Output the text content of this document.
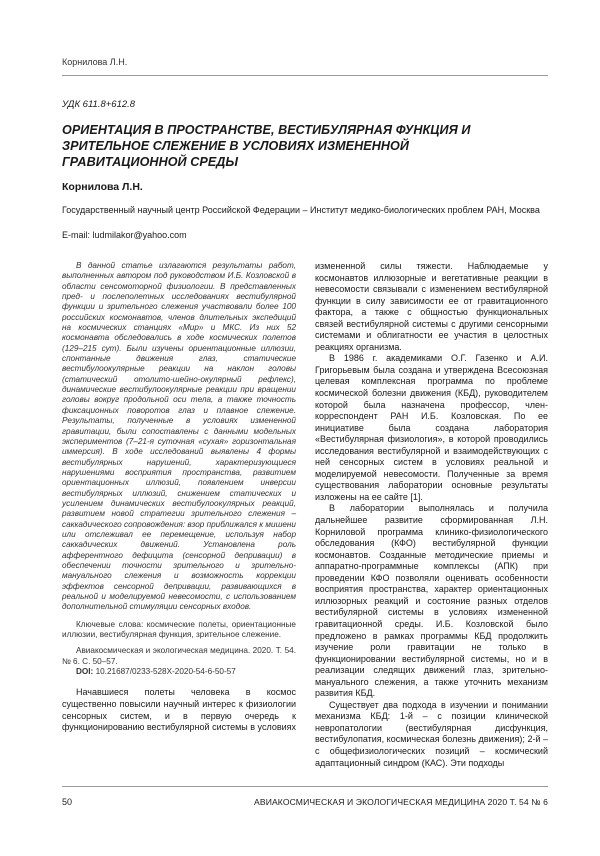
Корнилова Л.Н.
УДК 611.8+612.8
ОРИЕНТАЦИЯ В ПРОСТРАНСТВЕ, ВЕСТИБУЛЯРНАЯ ФУНКЦИЯ И ЗРИТЕЛЬНОЕ СЛЕЖЕНИЕ В УСЛОВИЯХ ИЗМЕНЕННОЙ ГРАВИТАЦИОННОЙ СРЕДЫ
Корнилова Л.Н.
Государственный научный центр Российской Федерации – Институт медико-биологических проблем РАН, Москва
E-mail: ludmilakor@yahoo.com

В данной статье излагаются результаты работ, выполненных автором под руководством И.Б. Козловской в области сенсомоторной физиологии. В представленных пред- и послеполетных исследованиях вестибулярной функции и зрительного слежения участвовали более 100 российских космонавтов, членов длительных экспедиций на космических станциях «Мир» и МКС. Из них 52 космонавта обследовались в ходе космических полетов (129–215 сут). Были изучены ориентационные иллюзии, спонтанные движения глаз, статические вестибулоокулярные реакции на наклон головы (статический отолито-шейно-окулярный рефлекс), динамические вестибулоокулярные реакции при вращении головы вокруг продольной оси тела, а также точность фиксационных поворотов глаз и плавное слежение. Результаты, полученные в условиях измененной гравитации, были сопоставлены с данными модельных экспериментов (7–21-я суточная «сухая» горизонтальная иммерсия). В ходе исследований выявлены 4 формы вестибулярных нарушений, характеризующиеся нарушениями восприятия пространства, развитием ориентационных иллюзий, появлением инверсии вестибулярных иллюзий, снижением статических и усилением динамических вестибулоокулярных реакций, развитием новой стратегии зрительного слежения – саккадического сопровождения: взор приближался к мишени или отслеживал ее перемещение, используя набор саккадических движений. Установлена роль афферентного дефицита (сенсорной депривации) в обеспечении точности зрительного и зрительно-мануального слежения и возможность коррекции эффектов сенсорной депривации, развивающихся в реальной и моделируемой невесомости, с использованием дополнительной стимуляции сенсорных входов.

Ключевые слова: космические полеты, ориентационные иллюзии, вестибулярная функция, зрительное слежение.

Авиакосмическая и экологическая медицина. 2020. Т. 54. № 6. С. 50–57.

DOI: 10.21687/0233-528X-2020-54-6-50-57

Начавшиеся полеты человека в космос существенно повысили научный интерес к физиологии сенсорных систем, и в первую очередь к функционированию вестибулярной системы в условиях

измененной силы тяжести. Наблюдаемые у космонавтов иллюзорные и вегетативные реакции в невесомости связывали с изменением вестибулярной функции в силу зависимости ее от гравитационного фактора, а также с общностью функциональных связей вестибулярной системы с другими сенсорными системами и облигатности ее участия в целостных реакциях организма.

В 1986 г. академиками О.Г. Газенко и А.И. Григорьевым была создана и утверждена Всесоюзная целевая комплексная программа по проблеме космической болезни движения (КБД), руководителем которой была назначена профессор, член-корреспондент РАН И.Б. Козловская. По ее инициативе была создана лаборатория «Вестибулярная физиология», в которой проводились исследования вестибулярной и взаимодействующих с ней сенсорных систем в условиях реальной и моделируемой невесомости. Полученные за время существования лаборатории основные результаты изложены на ее сайте [1].

В лаборатории выполнялась и получила дальнейшее развитие сформированная Л.Н. Корниловой программа клинико-физиологического обследования (КФО) вестибулярной функции космонавтов. Созданные методические приемы и аппаратно-программные комплексы (АПК) при проведении КФО позволяли оценивать особенности восприятия пространства, характер ориентационных иллюзорных реакций и состояние разных отделов вестибулярной системы в условиях измененной гравитационной среды. И.Б. Козловской было предложено в рамках программы КБД продолжить изучение роли гравитации не только в функционировании вестибулярной системы, но и в реализации следящих движений глаз, зрительно-мануального слежения, а также уточнить механизм развития КБД.

Существует два подхода в изучении и понимании механизма КБД: 1-й – с позиции клинической невропатологии (вестибулярная дисфункция, вестибулопатия, космическая болезнь движения); 2-й – с общефизиологических позиций – космический адаптационный синдром (КАС). Эти подходы

50	АВИАКОСМИЧЕСКАЯ И ЭКОЛОГИЧЕСКАЯ МЕДИЦИНА 2020 Т. 54 № 6
